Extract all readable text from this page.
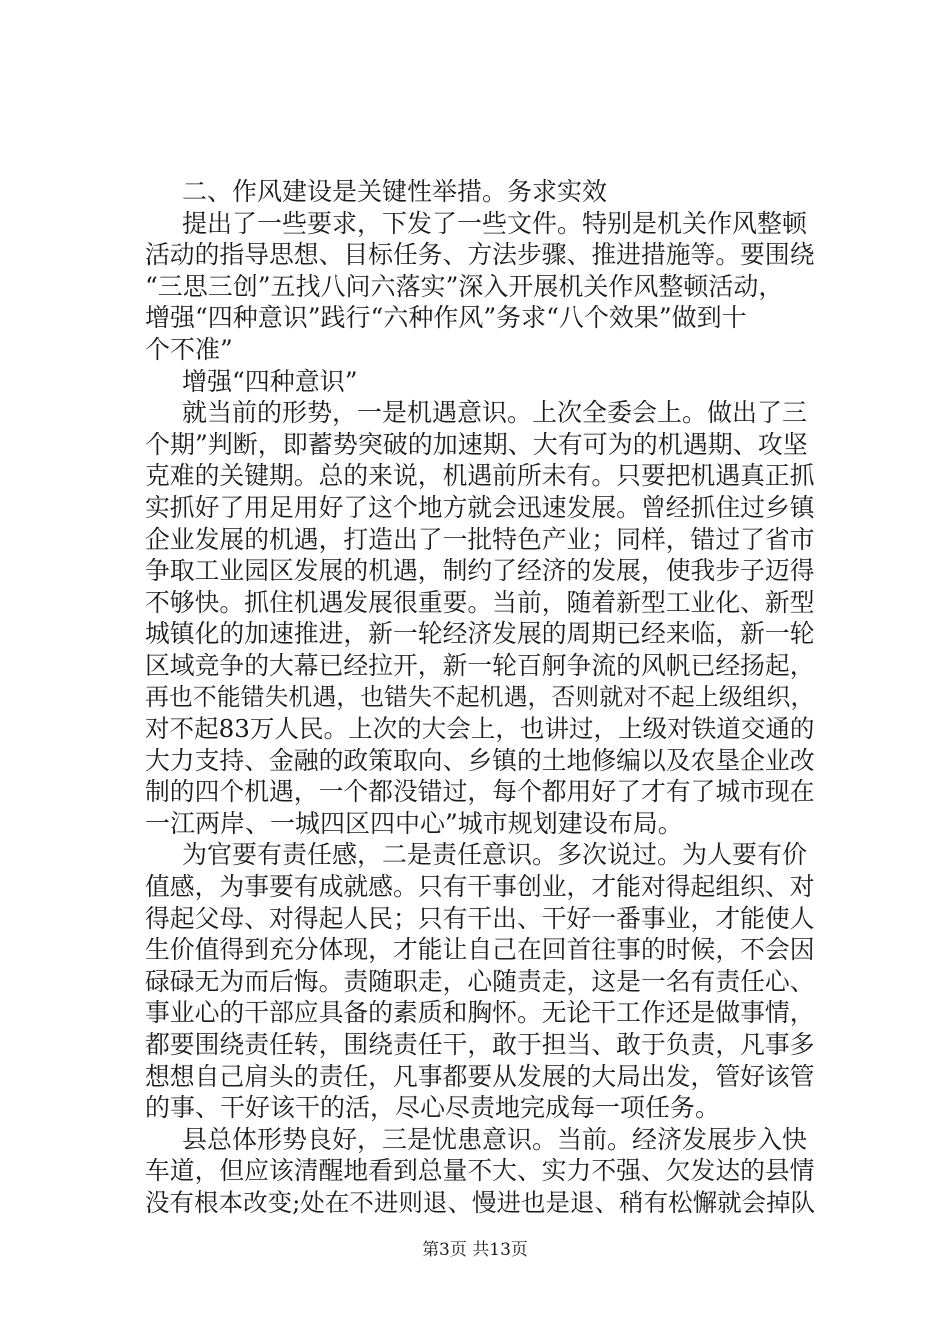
二、作风建设是关键性举措。务求实效
提出了一些要求，下发了一些文件。特别是机关作风整顿
活动的指导思想、目标任务、方法步骤、推进措施等。要围绕
“三思三创”五找八问六落实”深入开展机关作风整顿活动，
增强“四种意识”践行“六种作风”务求“八个效果”做到十
个不准”
增强“四种意识”
就当前的形势，一是机遇意识。上次全委会上。做出了三
个期”判断，即蓄势突破的加速期、大有可为的机遇期、攻坚
克难的关键期。总的来说，机遇前所未有。只要把机遇真正抓
实抓好了用足用好了这个地方就会迅速发展。曾经抓住过乡镇
企业发展的机遇，打造出了一批特色产业；同样，错过了省市
争取工业园区发展的机遇，制约了经济的发展，使我步子迈得
不够快。抓住机遇发展很重要。当前，随着新型工业化、新型
城镇化的加速推进，新一轮经济发展的周期已经来临，新一轮
区域竞争的大幕已经拉开，新一轮百舸争流的风帆已经扬起，
再也不能错失机遇，也错失不起机遇，否则就对不起上级组织，
对不起83万人民。上次的大会上，也讲过，上级对铁道交通的
大力支持、金融的政策取向、乡镇的土地修编以及农垦企业改
制的四个机遇，一个都没错过，每个都用好了才有了城市现在
一江两岸、一城四区四中心”城市规划建设布局。
为官要有责任感，二是责任意识。多次说过。为人要有价
值感，为事要有成就感。只有干事创业，才能对得起组织、对
得起父母、对得起人民；只有干出、干好一番事业，才能使人
生价值得到充分体现，才能让自己在回首往事的时候，不会因
碌碌无为而后悔。责随职走，心随责走，这是一名有责任心、
事业心的干部应具备的素质和胸怀。无论干工作还是做事情，
都要围绕责任转，围绕责任干，敢于担当、敢于负责，凡事多
想想自己肩头的责任，凡事都要从发展的大局出发，管好该管
的事、干好该干的活，尽心尽责地完成每一项任务。
县总体形势良好，三是忧患意识。当前。经济发展步入快
车道，但应该清醒地看到总量不大、实力不强、欠发达的县情
没有根本改变;处在不进则退、慢进也是退、稍有松懈就会掉队
第3页 共13页
